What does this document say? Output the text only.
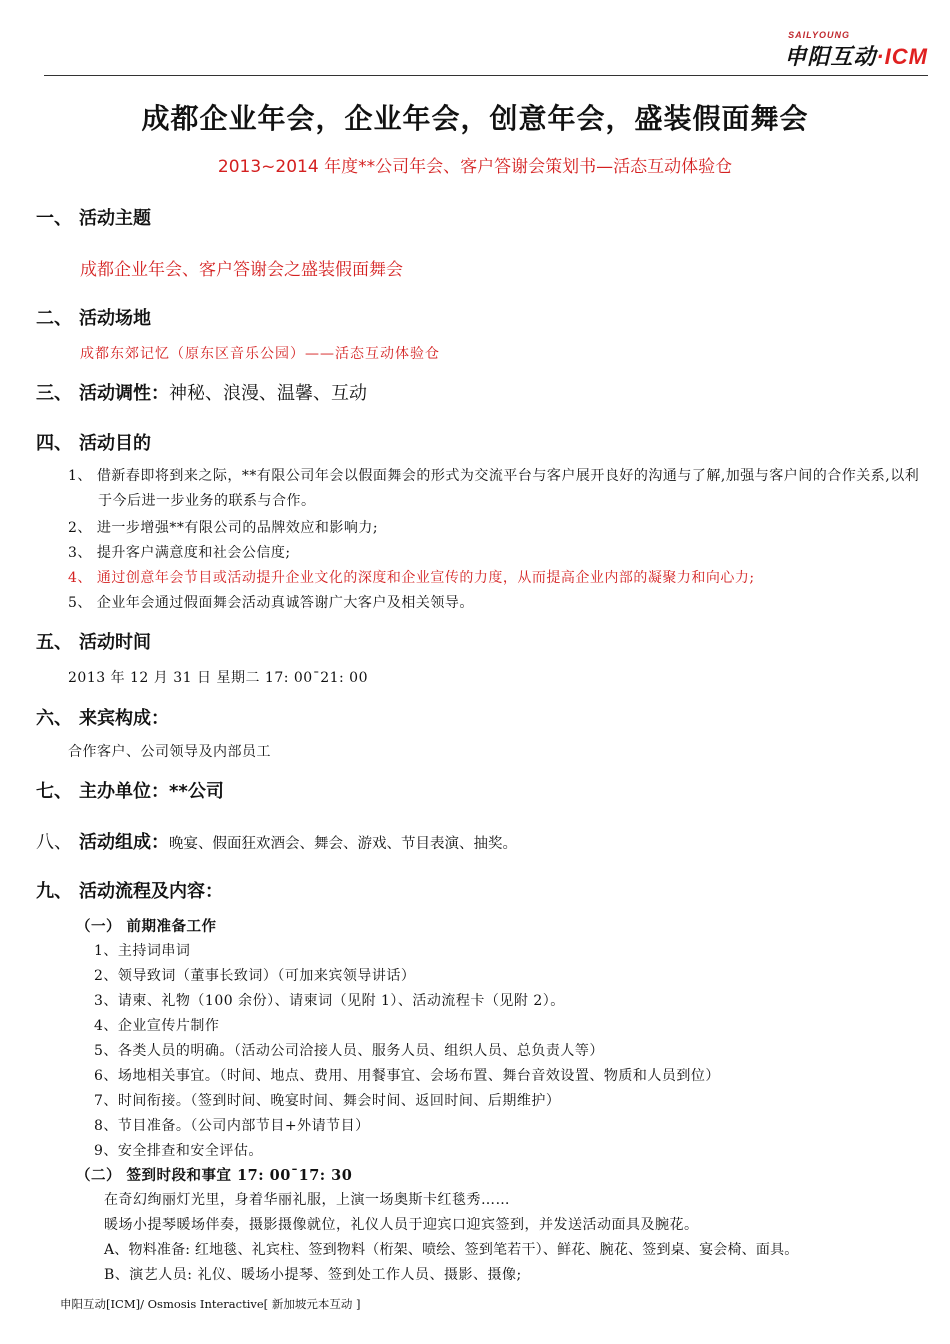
SAILYOUNG
申阳互动·ICM
成都企业年会，企业年会，创意年会，盛装假面舞会
2013~2014 年度**公司年会、客户答谢会策划书—活态互动体验仓
一、 活动主题
成都企业年会、客户答谢会之盛装假面舞会
二、 活动场地
成都东郊记忆（原东区音乐公园）——活态互动体验仓
三、 活动调性：神秘、浪漫、温馨、互动
四、 活动目的
1、 借新春即将到来之际，**有限公司年会以假面舞会的形式为交流平台与客户展开良好的沟通与了解,加强与客户间的合作关系,以利于今后进一步业务的联系与合作。
2、 进一步增强**有限公司的品牌效应和影响力;
3、 提升客户满意度和社会公信度;
4、 通过创意年会节目或活动提升企业文化的深度和企业宣传的力度，从而提高企业内部的凝聚力和向心力;
5、 企业年会通过假面舞会活动真诚答谢广大客户及相关领导。
五、 活动时间
2013 年 12 月 31 日 星期二 17: 00¯21: 00
六、 来宾构成：
合作客户、公司领导及内部员工
七、 主办单位：**公司
八、 活动组成：晚宴、假面狂欢酒会、舞会、游戏、节目表演、抽奖。
九、 活动流程及内容：
（一） 前期准备工作
1、主持词串词
2、领导致词（董事长致词）（可加来宾领导讲话）
3、请柬、礼物（100 余份）、请柬词（见附 1）、活动流程卡（见附 2）。
4、企业宣传片制作
5、各类人员的明确。（活动公司洽接人员、服务人员、组织人员、总负责人等）
6、场地相关事宜。（时间、地点、费用、用餐事宜、会场布置、舞台音效设置、物质和人员到位）
7、时间衔接。（签到时间、晚宴时间、舞会时间、返回时间、后期维护）
8、节目准备。（公司内部节目+外请节目）
9、安全排查和安全评估。
（二） 签到时段和事宜 17: 00¯17: 30
在奇幻绚丽灯光里，身着华丽礼服，上演一场奥斯卡红毯秀……
暖场小提琴暖场伴奏，摄影摄像就位，礼仪人员于迎宾口迎宾签到，并发送活动面具及腕花。
A、物料准备: 红地毯、礼宾柱、签到物料（桁架、喷绘、签到笔若干）、鲜花、腕花、签到桌、宴会椅、面具。
B、演艺人员: 礼仪、暖场小提琴、签到处工作人员、摄影、摄像;
申阳互动[ICM]/ Osmosis Interactive[ 新加坡元本互动 ]
